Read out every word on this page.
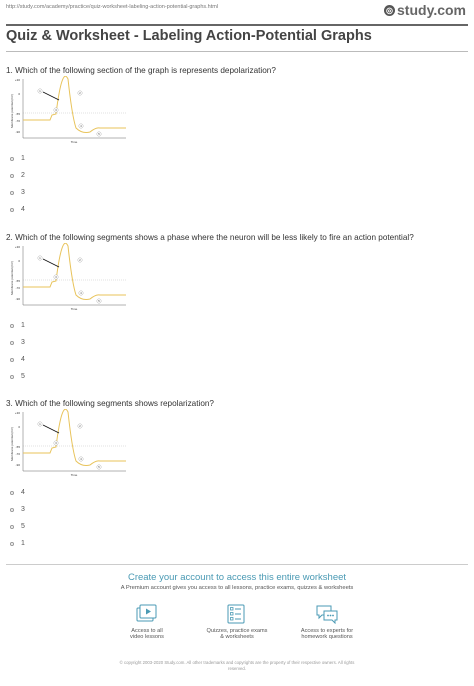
http://study.com/academy/practice/quiz-worksheet-labeling-action-potential-graphs.html	◎ study.com
Quiz & Worksheet - Labeling Action-Potential Graphs

1. Which of the following section of the graph is represents depolarization?

Membrane potential (mV)
+30
0
-55
-70
-90
1
2
3
4
5
Time
1
2
3
4

2. Which of the following segments shows a phase where the neuron will be less likely to fire an action potential?

Membrane potential (mV)
+30
0
-55
-70
-90
1
2
3
4
5
Time
1
3
4
5

3. Which of the following segments shows repolarization?

Membrane potential (mV)
+30
0
-55
-70
-90
1
2
3
4
5
Time
4
3
5
1
Create your account to access this entire worksheet
A Premium account gives you access to all lessons, practice exams, quizzes & worksheets
Access to all
video lessons
Quizzes, practice exams
& worksheets
Access to experts for
homework questions
© copyright 2003-2020 Study.com. All other trademarks and copyrights are the property of their respective owners. All rights
reserved.
